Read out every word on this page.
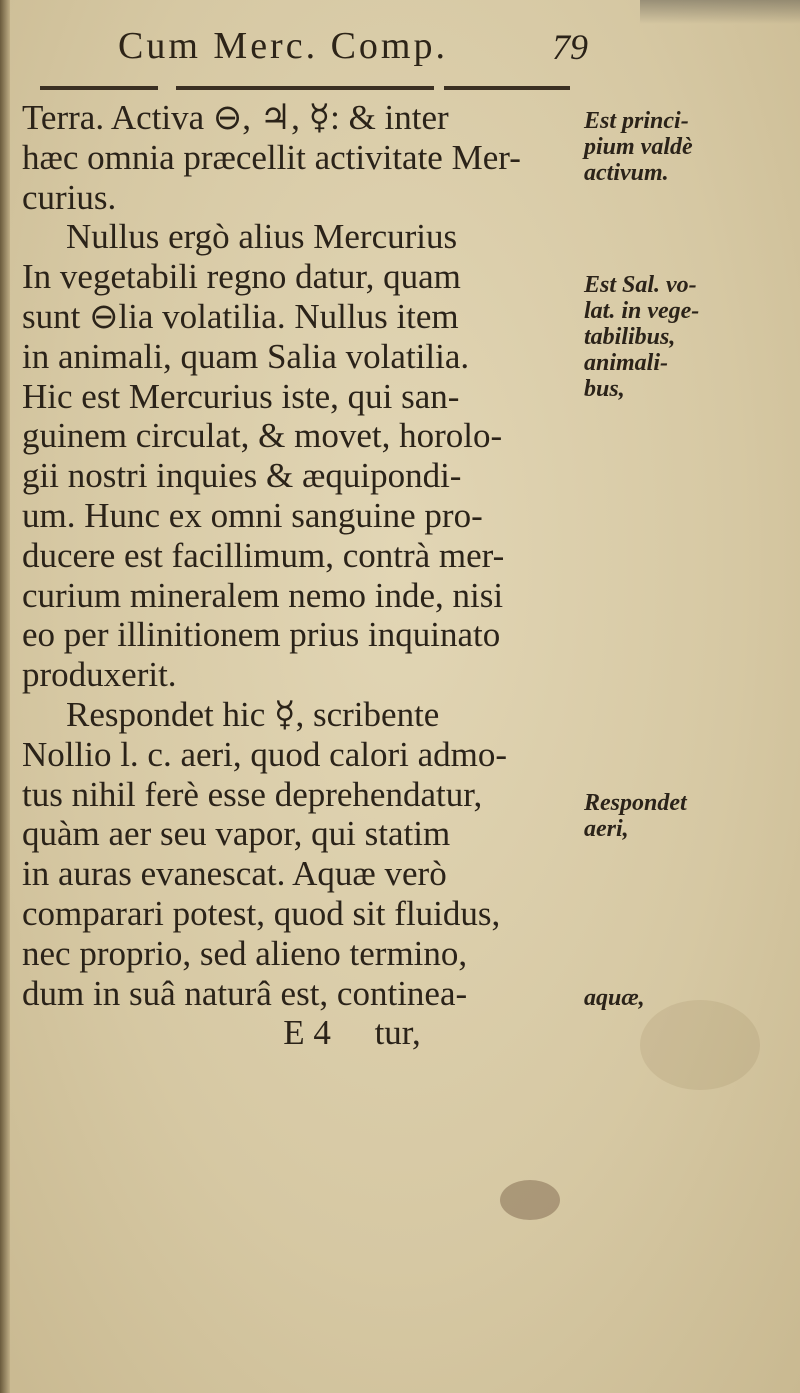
Cum Merc. Comp.	79
Terra. Activa ⊖, ♃, ☿: & inter
hæc omnia præcellit activitate Mer-
curius.
Nullus ergò alius Mercurius
In vegetabili regno datur, quam
sunt ⊖lia volatilia. Nullus item
in animali, quam Salia volatilia.
Hic est Mercurius iste, qui san-
guinem circulat, & movet, horolo-
gii nostri inquies & æquipondi-
um. Hunc ex omni sanguine pro-
ducere est facillimum, contrà mer-
curium mineralem nemo inde, nisi
eo per illinitionem prius inquinato
produxerit.
Respondet hic ☿, scribente
Nollio l. c. aeri, quod calori admo-
tus nihil ferè esse deprehendatur,
quàm aer seu vapor, qui statim
in auras evanescat. Aquæ verò
comparari potest, quod sit fluidus,
nec proprio, sed alieno termino,
dum in suâ naturâ est, continea-
E 4     tur,
Est princi-
pium valdè
activum.
Est Sal. vo-
lat. in vege-
tabilibus,
animali-
bus,
Respondet
aeri,
aquæ,
